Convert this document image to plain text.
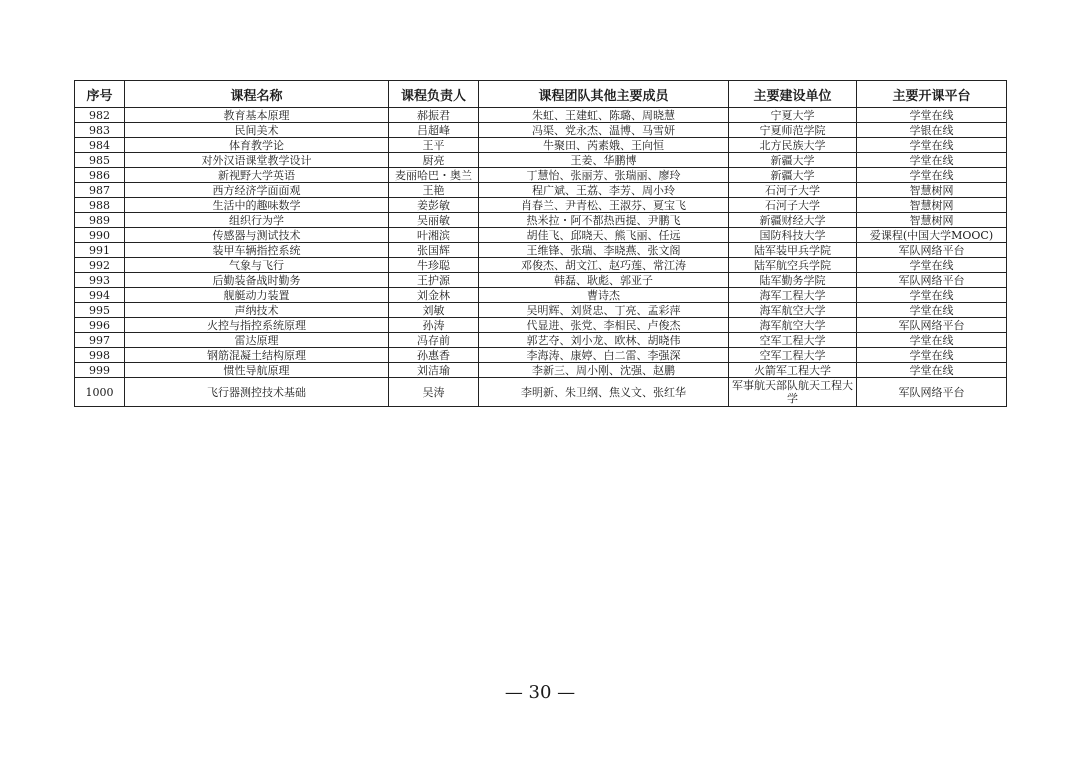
序号	课程名称	课程负责人	课程团队其他主要成员	主要建设单位	主要开课平台
982	教育基本原理	郝振君	朱虹、王建虹、陈璐、周晓慧	宁夏大学	学堂在线
983	民间美术	吕超峰	冯渠、党永杰、温博、马雪妍	宁夏师范学院	学银在线
984	体育教学论	王平	牛聚田、芮素娥、王向恒	北方民族大学	学堂在线
985	对外汉语课堂教学设计	厨亮	王姜、华鹏博	新疆大学	学堂在线
986	新视野大学英语	麦丽哈巴・奥兰	丁慧怡、张丽芳、张瑞丽、廖玲	新疆大学	学堂在线
987	西方经济学面面观	王艳	程广斌、王荔、李芳、周小玲	石河子大学	智慧树网
988	生活中的趣味数学	姜彭敏	肖春兰、尹青松、王淑芬、夏宝飞	石河子大学	智慧树网
989	组织行为学	吴丽敏	热米拉・阿不都热西提、尹鹏飞	新疆财经大学	智慧树网
990	传感器与测试技术	叶湘滨	胡佳飞、邱晓天、熊飞丽、任远	国防科技大学	爱课程(中国大学MOOC)
991	装甲车辆指控系统	张国辉	王维锋、张瑞、李晓燕、张文阁	陆军装甲兵学院	军队网络平台
992	气象与飞行	牛珍聪	邓俊杰、胡文江、赵巧莲、常江涛	陆军航空兵学院	学堂在线
993	后勤装备战时勤务	王护源	韩磊、耿彪、郭亚子	陆军勤务学院	军队网络平台
994	舰艇动力装置	刘金林	曹诗杰	海军工程大学	学堂在线
995	声纳技术	刘敏	吴明辉、刘贤忠、丁亮、孟彩萍	海军航空大学	学堂在线
996	火控与指控系统原理	孙涛	代显进、张党、李相民、卢俊杰	海军航空大学	军队网络平台
997	雷达原理	冯存前	郭艺夺、刘小龙、欧林、胡晓伟	空军工程大学	学堂在线
998	钢筋混凝土结构原理	孙惠香	李海涛、康婷、白二雷、李强深	空军工程大学	学堂在线
999	惯性导航原理	刘洁瑜	李新三、周小刚、沈强、赵鹏	火箭军工程大学	学堂在线
1000	飞行器测控技术基础	吴涛	李明新、朱卫纲、焦义文、张红华	军事航天部队航天工程大学	军队网络平台
— 30 —
